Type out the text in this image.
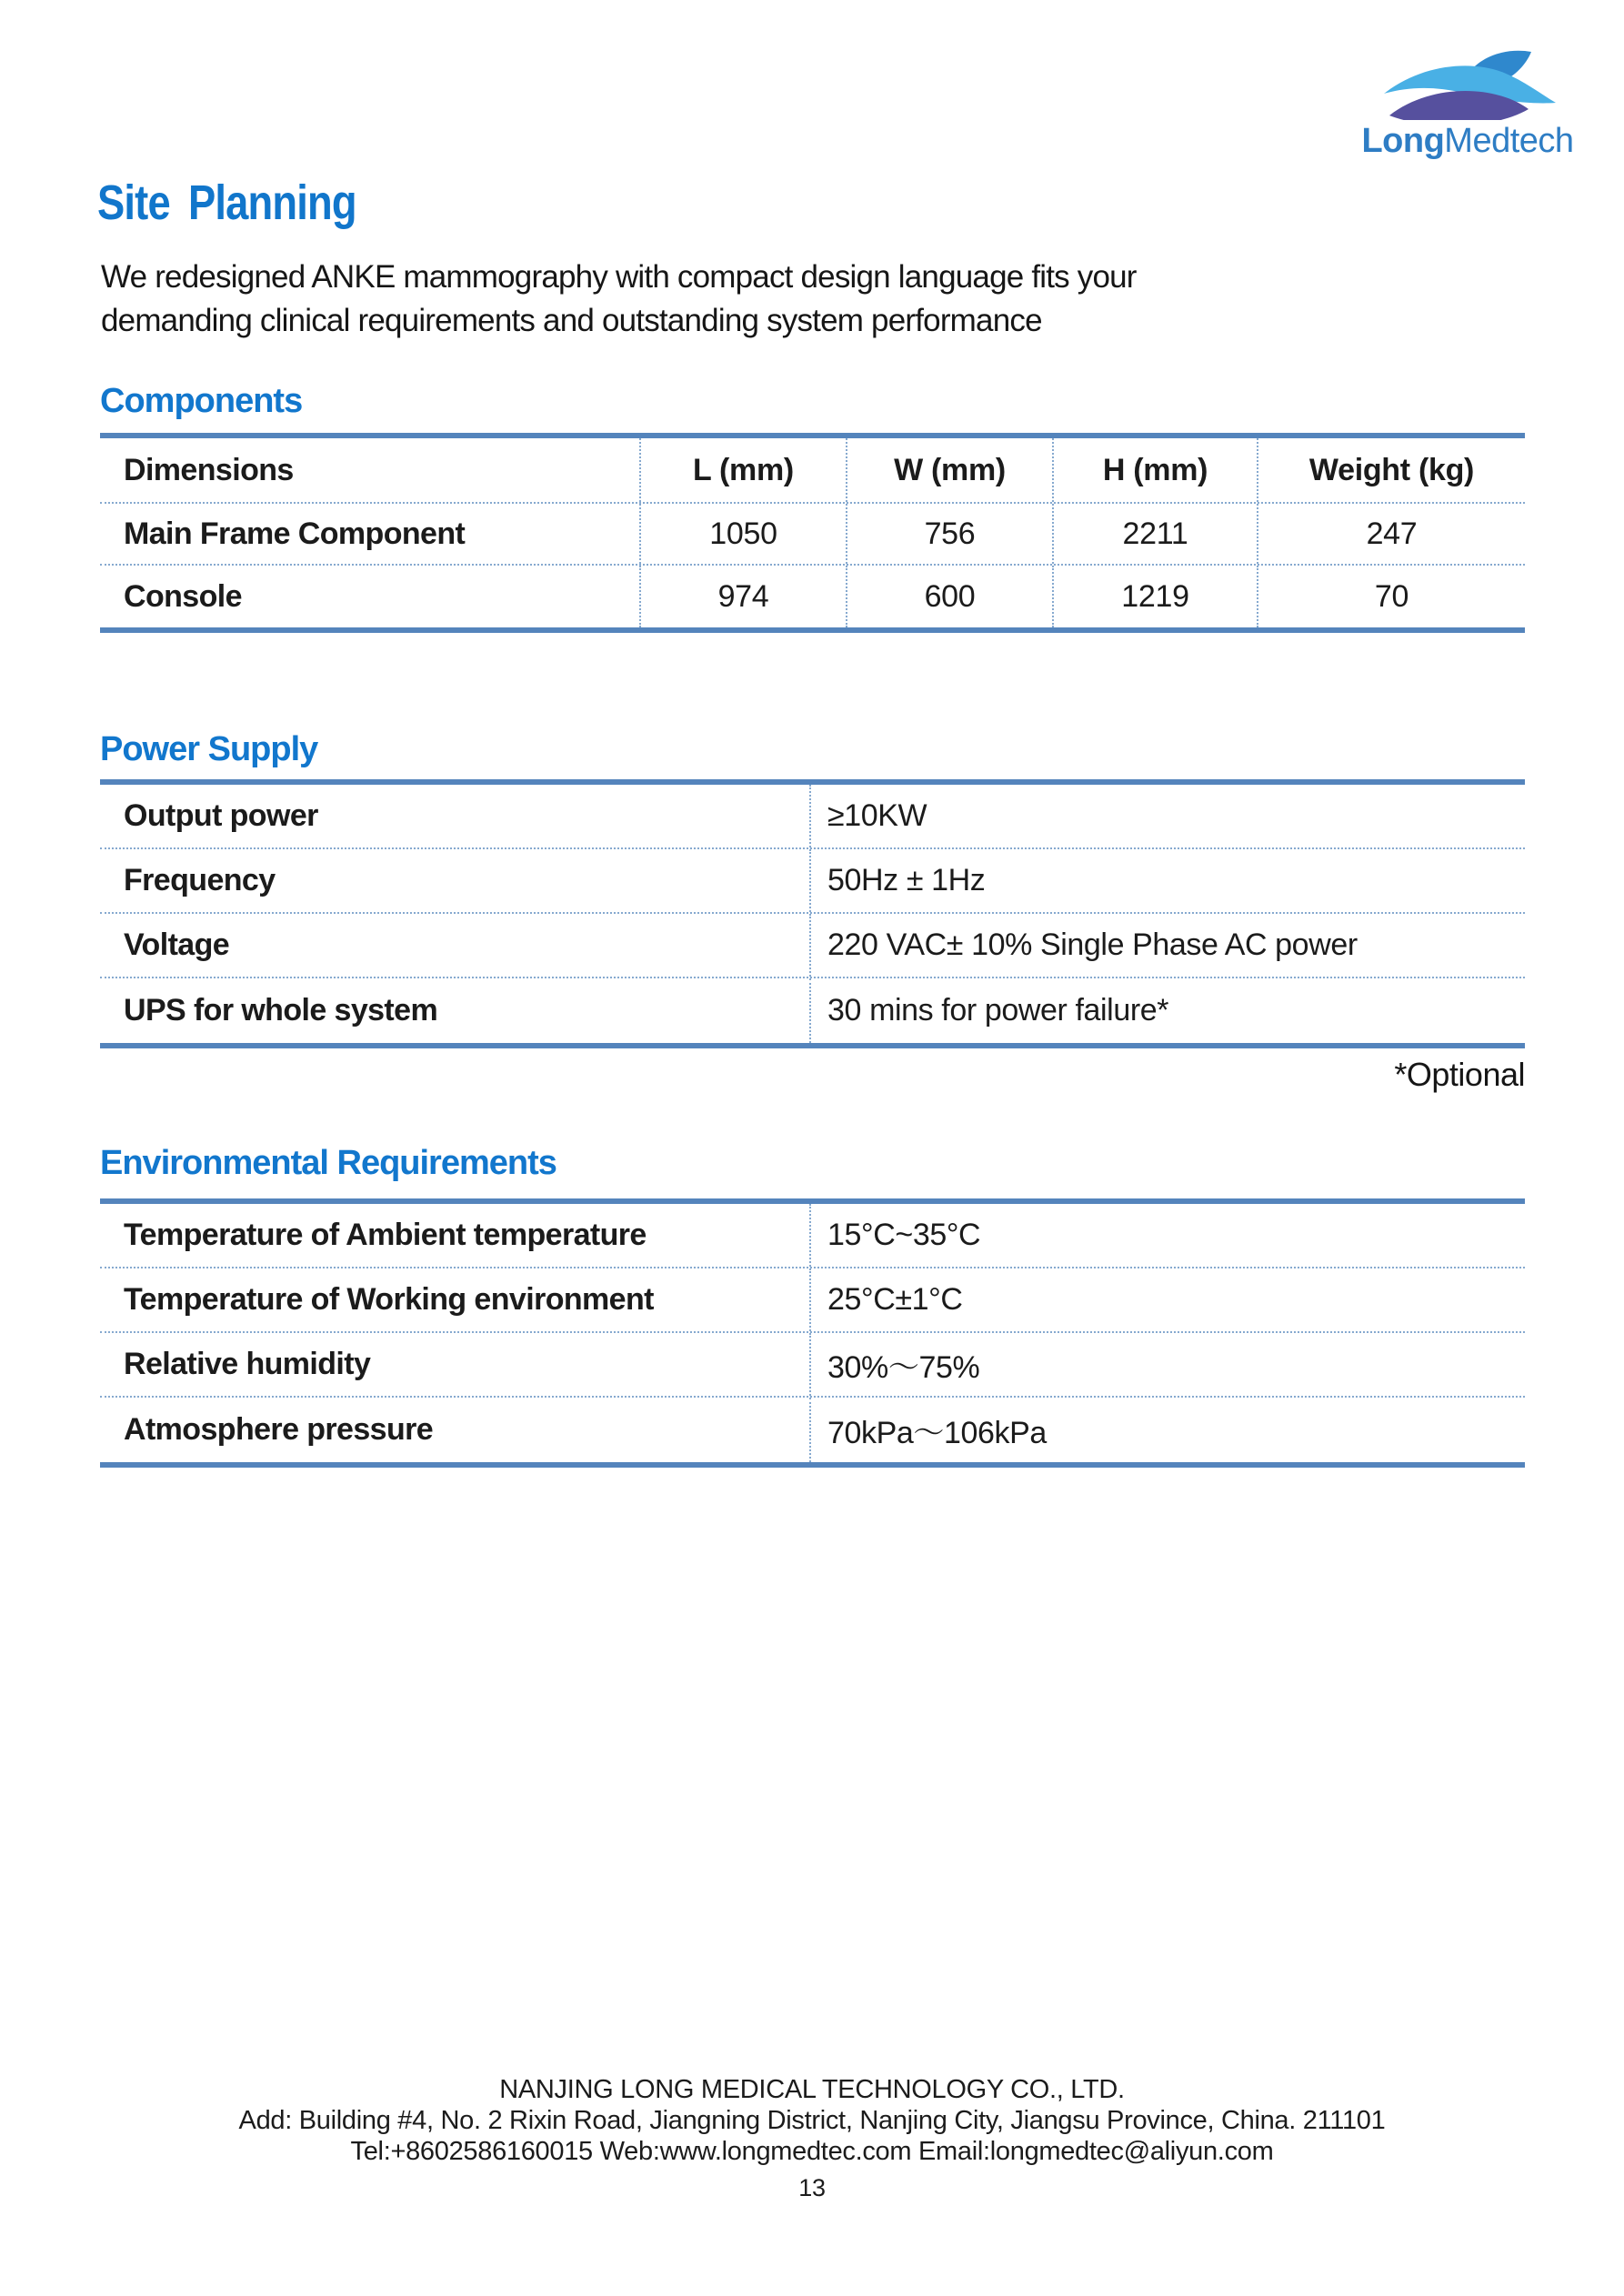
LongMedtech
Site Planning
We redesigned ANKE mammography with compact design language fits your
demanding clinical requirements and outstanding system performance
Components
Dimensions	L (mm)	W (mm)	H (mm)	Weight (kg)
Main Frame Component	1050	756	2211	247
Console	974	600	1219	70
Power Supply
Output power	≥10KW
Frequency	50Hz ± 1Hz
Voltage	220 VAC± 10% Single Phase AC power
UPS for whole system	30 mins for power failure*
*Optional
Environmental Requirements
Temperature of Ambient temperature	15°C~35°C
Temperature of Working environment	25°C±1°C
Relative humidity	30%～75%
Atmosphere pressure	70kPa～106kPa
NANJING LONG MEDICAL TECHNOLOGY CO., LTD.
Add: Building #4, No. 2 Rixin Road, Jiangning District, Nanjing City, Jiangsu Province, China. 211101
Tel:+8602586160015 Web:www.longmedtec.com Email:longmedtec@aliyun.com
13
